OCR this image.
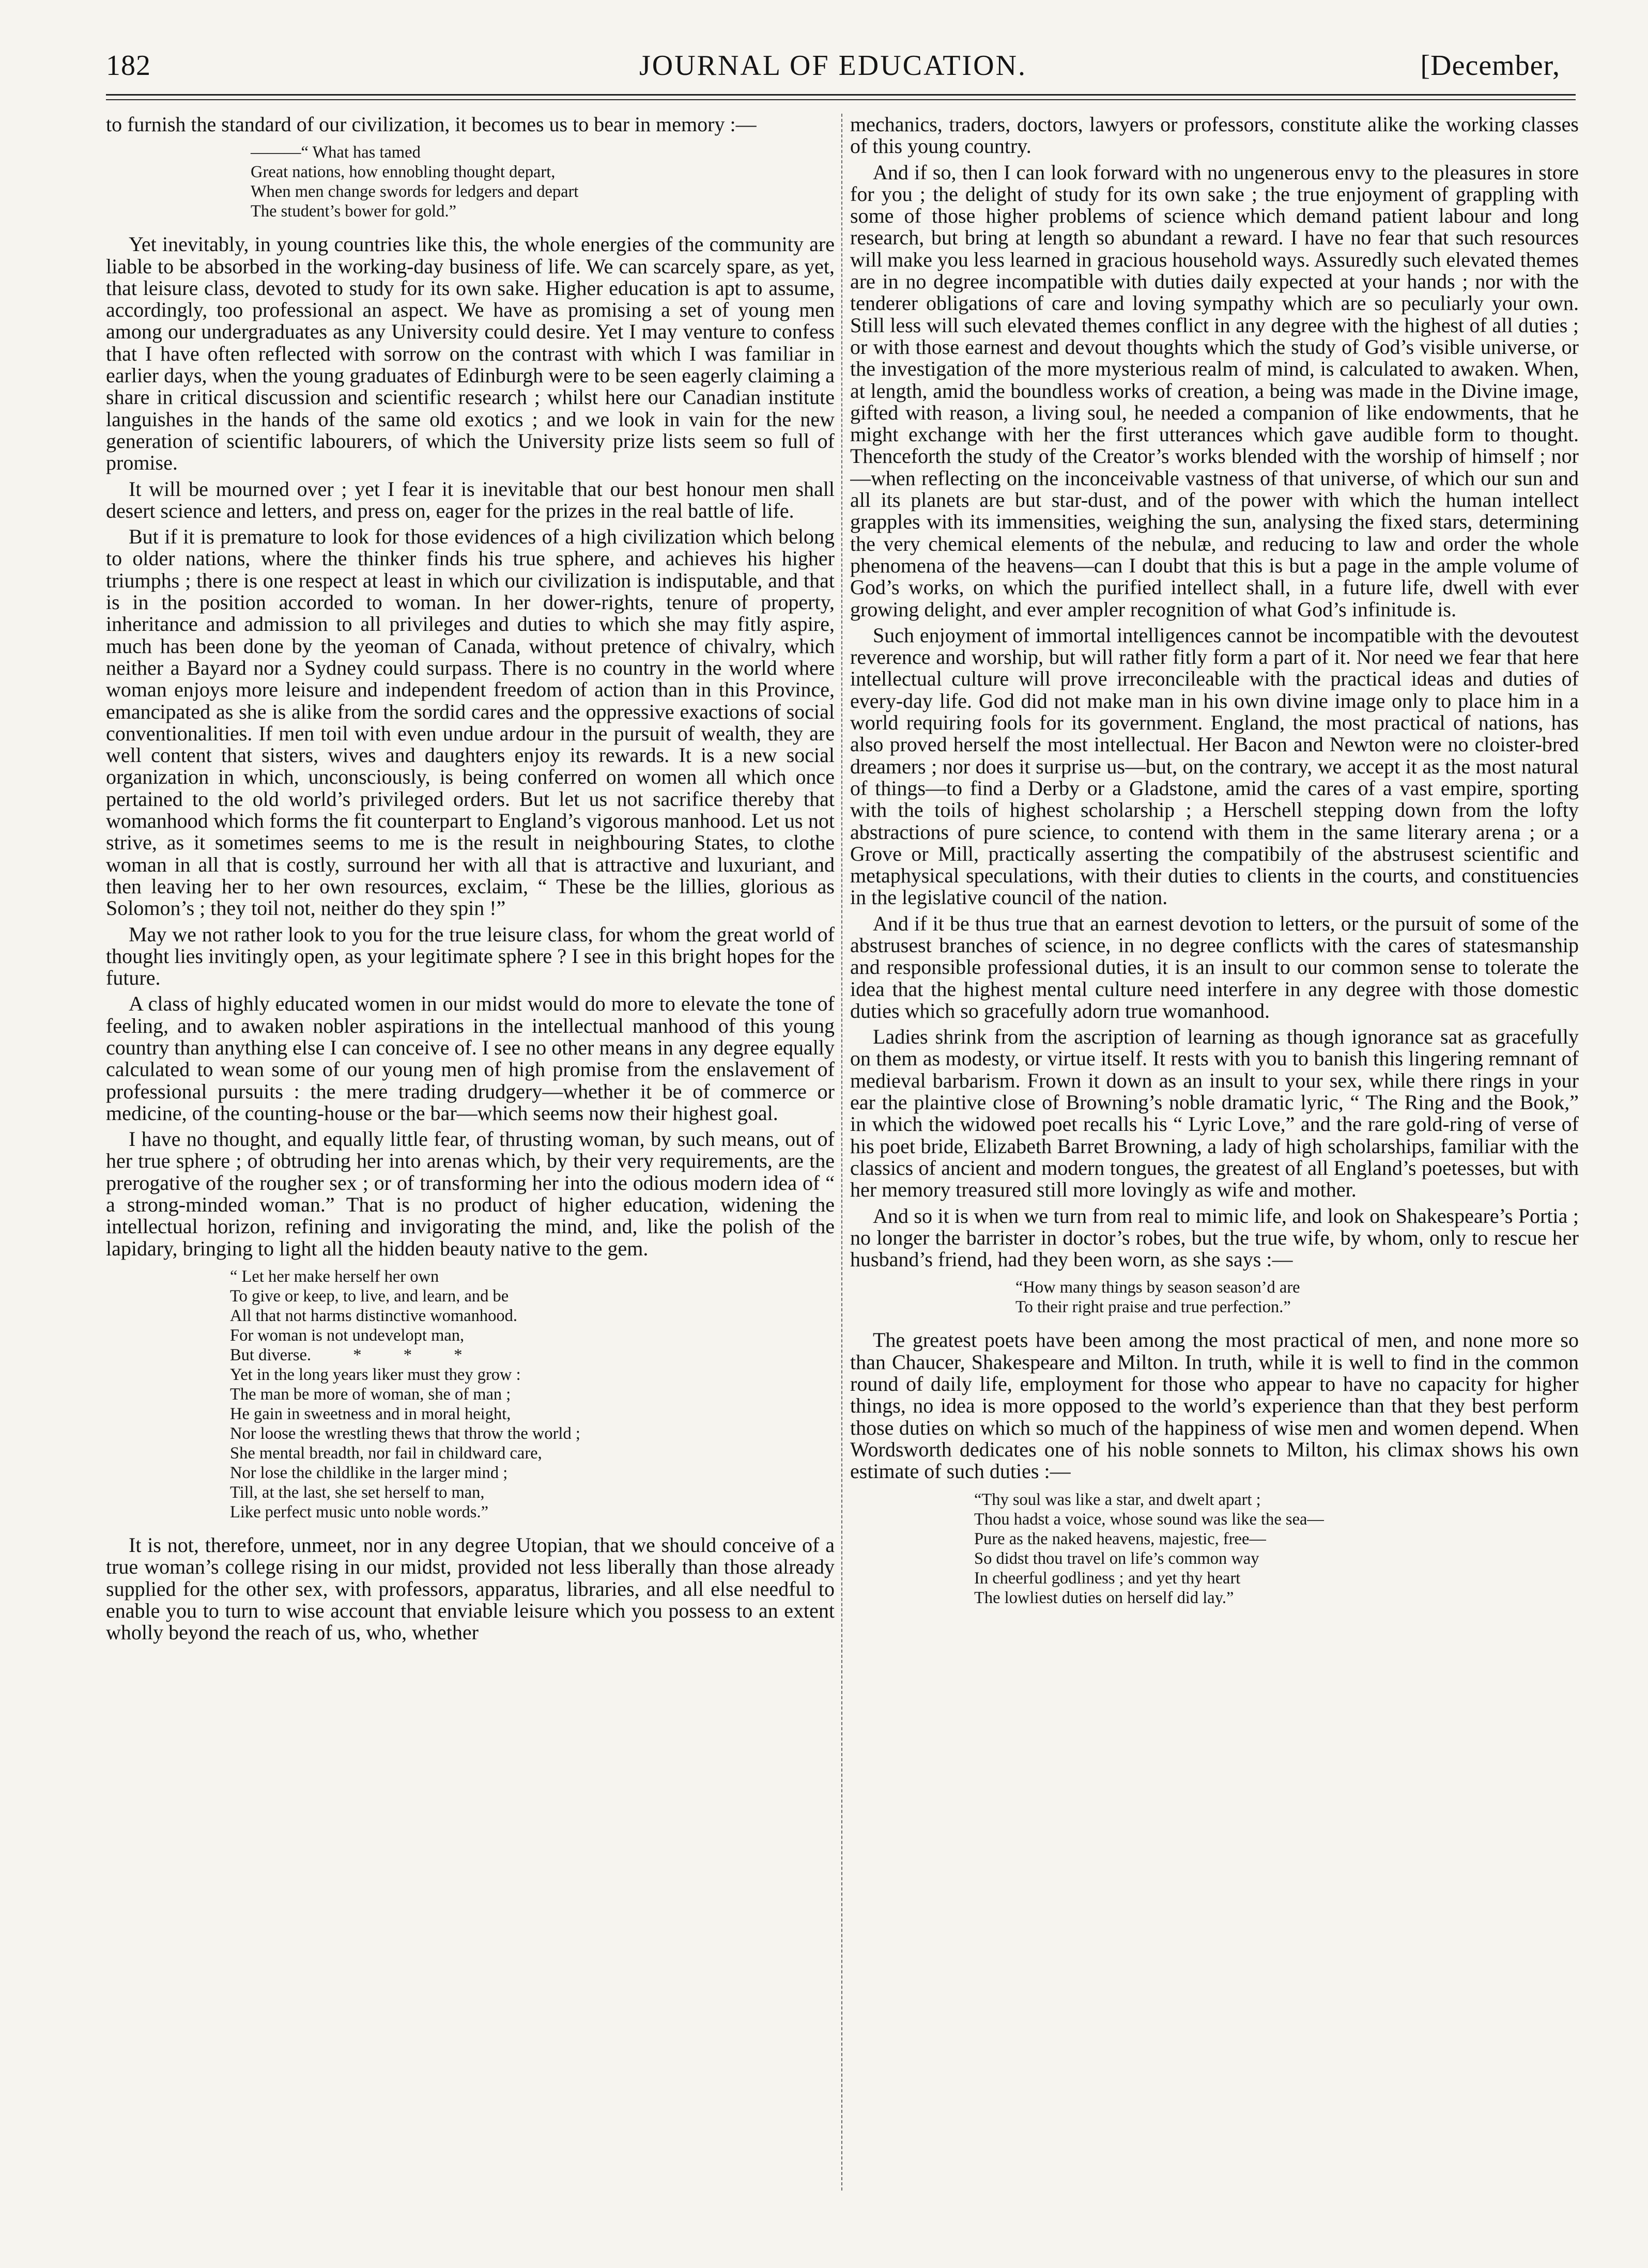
182	JOURNAL OF EDUCATION.	[December,

to furnish the standard of our civilization, it becomes us to bear in memory :—

———“ What has tamed
Great nations, how ennobling thought depart,
When men change swords for ledgers and depart
The student’s bower for gold.”

Yet inevitably, in young countries like this, the whole energies of the community are liable to be absorbed in the working-day business of life. We can scarcely spare, as yet, that leisure class, devoted to study for its own sake. Higher education is apt to assume, accordingly, too professional an aspect. We have as promising a set of young men among our undergraduates as any University could desire. Yet I may venture to confess that I have often reflected with sorrow on the contrast with which I was familiar in earlier days, when the young graduates of Edinburgh were to be seen eagerly claiming a share in critical discussion and scientific research ; whilst here our Canadian institute languishes in the hands of the same old exotics ; and we look in vain for the new generation of scientific labourers, of which the University prize lists seem so full of promise.

It will be mourned over ; yet I fear it is inevitable that our best honour men shall desert science and letters, and press on, eager for the prizes in the real battle of life.

But if it is premature to look for those evidences of a high civilization which belong to older nations, where the thinker finds his true sphere, and achieves his higher triumphs ; there is one respect at least in which our civilization is indisputable, and that is in the position accorded to woman. In her dower-rights, tenure of property, inheritance and admission to all privileges and duties to which she may fitly aspire, much has been done by the yeoman of Canada, without pretence of chivalry, which neither a Bayard nor a Sydney could surpass. There is no country in the world where woman enjoys more leisure and independent freedom of action than in this Province, emancipated as she is alike from the sordid cares and the oppressive exactions of social conventionalities. If men toil with even undue ardour in the pursuit of wealth, they are well content that sisters, wives and daughters enjoy its rewards. It is a new social organization in which, unconsciously, is being conferred on women all which once pertained to the old world’s privileged orders. But let us not sacrifice thereby that womanhood which forms the fit counterpart to England’s vigorous manhood. Let us not strive, as it sometimes seems to me is the result in neighbouring States, to clothe woman in all that is costly, surround her with all that is attractive and luxuriant, and then leaving her to her own resources, exclaim, “ These be the lillies, glorious as Solomon’s ; they toil not, neither do they spin !”

May we not rather look to you for the true leisure class, for whom the great world of thought lies invitingly open, as your legitimate sphere ? I see in this bright hopes for the future.

A class of highly educated women in our midst would do more to elevate the tone of feeling, and to awaken nobler aspirations in the intellectual manhood of this young country than anything else I can conceive of. I see no other means in any degree equally calculated to wean some of our young men of high promise from the enslavement of professional pursuits : the mere trading drudgery—whether it be of commerce or medicine, of the counting-house or the bar—which seems now their highest goal.

I have no thought, and equally little fear, of thrusting woman, by such means, out of her true sphere ; of obtruding her into arenas which, by their very requirements, are the prerogative of the rougher sex ; or of transforming her into the odious modern idea of “ a strong-minded woman.” That is no product of higher education, widening the intellectual horizon, refining and invigorating the mind, and, like the polish of the lapidary, bringing to light all the hidden beauty native to the gem.

“ Let her make herself her own
To give or keep, to live, and learn, and be
All that not harms distinctive womanhood.
For woman is not undevelopt man,
But diverse.          *          *          *
Yet in the long years liker must they grow :
The man be more of woman, she of man ;
He gain in sweetness and in moral height,
Nor loose the wrestling thews that throw the world ;
She mental breadth, nor fail in childward care,
Nor lose the childlike in the larger mind ;
Till, at the last, she set herself to man,
Like perfect music unto noble words.”

It is not, therefore, unmeet, nor in any degree Utopian, that we should conceive of a true woman’s college rising in our midst, provided not less liberally than those already supplied for the other sex, with professors, apparatus, libraries, and all else needful to enable you to turn to wise account that enviable leisure which you possess to an extent wholly beyond the reach of us, who, whether

mechanics, traders, doctors, lawyers or professors, constitute alike the working classes of this young country.

And if so, then I can look forward with no ungenerous envy to the pleasures in store for you ; the delight of study for its own sake ; the true enjoyment of grappling with some of those higher problems of science which demand patient labour and long research, but bring at length so abundant a reward. I have no fear that such resources will make you less learned in gracious household ways. Assuredly such elevated themes are in no degree incompatible with duties daily expected at your hands ; nor with the tenderer obligations of care and loving sympathy which are so peculiarly your own. Still less will such elevated themes conflict in any degree with the highest of all duties ; or with those earnest and devout thoughts which the study of God’s visible universe, or the investigation of the more mysterious realm of mind, is calculated to awaken. When, at length, amid the boundless works of creation, a being was made in the Divine image, gifted with reason, a living soul, he needed a companion of like endowments, that he might exchange with her the first utterances which gave audible form to thought. Thenceforth the study of the Creator’s works blended with the worship of himself ; nor—when reflecting on the inconceivable vastness of that universe, of which our sun and all its planets are but star-dust, and of the power with which the human intellect grapples with its immensities, weighing the sun, analysing the fixed stars, determining the very chemical elements of the nebulæ, and reducing to law and order the whole phenomena of the heavens—can I doubt that this is but a page in the ample volume of God’s works, on which the purified intellect shall, in a future life, dwell with ever growing delight, and ever ampler recognition of what God’s infinitude is.

Such enjoyment of immortal intelligences cannot be incompatible with the devoutest reverence and worship, but will rather fitly form a part of it. Nor need we fear that here intellectual culture will prove irreconcileable with the practical ideas and duties of every-day life. God did not make man in his own divine image only to place him in a world requiring fools for its government. England, the most practical of nations, has also proved herself the most intellectual. Her Bacon and Newton were no cloister-bred dreamers ; nor does it surprise us—but, on the contrary, we accept it as the most natural of things—to find a Derby or a Gladstone, amid the cares of a vast empire, sporting with the toils of highest scholarship ; a Herschell stepping down from the lofty abstractions of pure science, to contend with them in the same literary arena ; or a Grove or Mill, practically asserting the compatibily of the abstrusest scientific and metaphysical speculations, with their duties to clients in the courts, and constituencies in the legislative council of the nation.

And if it be thus true that an earnest devotion to letters, or the pursuit of some of the abstrusest branches of science, in no degree conflicts with the cares of statesmanship and responsible professional duties, it is an insult to our common sense to tolerate the idea that the highest mental culture need interfere in any degree with those domestic duties which so gracefully adorn true womanhood.

Ladies shrink from the ascription of learning as though ignorance sat as gracefully on them as modesty, or virtue itself. It rests with you to banish this lingering remnant of medieval barbarism. Frown it down as an insult to your sex, while there rings in your ear the plaintive close of Browning’s noble dramatic lyric, “ The Ring and the Book,” in which the widowed poet recalls his “ Lyric Love,” and the rare gold-ring of verse of his poet bride, Elizabeth Barret Browning, a lady of high scholarships, familiar with the classics of ancient and modern tongues, the greatest of all England’s poetesses, but with her memory treasured still more lovingly as wife and mother.

And so it is when we turn from real to mimic life, and look on Shakespeare’s Portia ; no longer the barrister in doctor’s robes, but the true wife, by whom, only to rescue her husband’s friend, had they been worn, as she says :—

“How many things by season season’d are
To their right praise and true perfection.”

The greatest poets have been among the most practical of men, and none more so than Chaucer, Shakespeare and Milton. In truth, while it is well to find in the common round of daily life, employment for those who appear to have no capacity for higher things, no idea is more opposed to the world’s experience than that they best perform those duties on which so much of the happiness of wise men and women depend. When Wordsworth dedicates one of his noble sonnets to Milton, his climax shows his own estimate of such duties :—

“Thy soul was like a star, and dwelt apart ;
Thou hadst a voice, whose sound was like the sea—
Pure as the naked heavens, majestic, free—
So didst thou travel on life’s common way
In cheerful godliness ; and yet thy heart
The lowliest duties on herself did lay.”
